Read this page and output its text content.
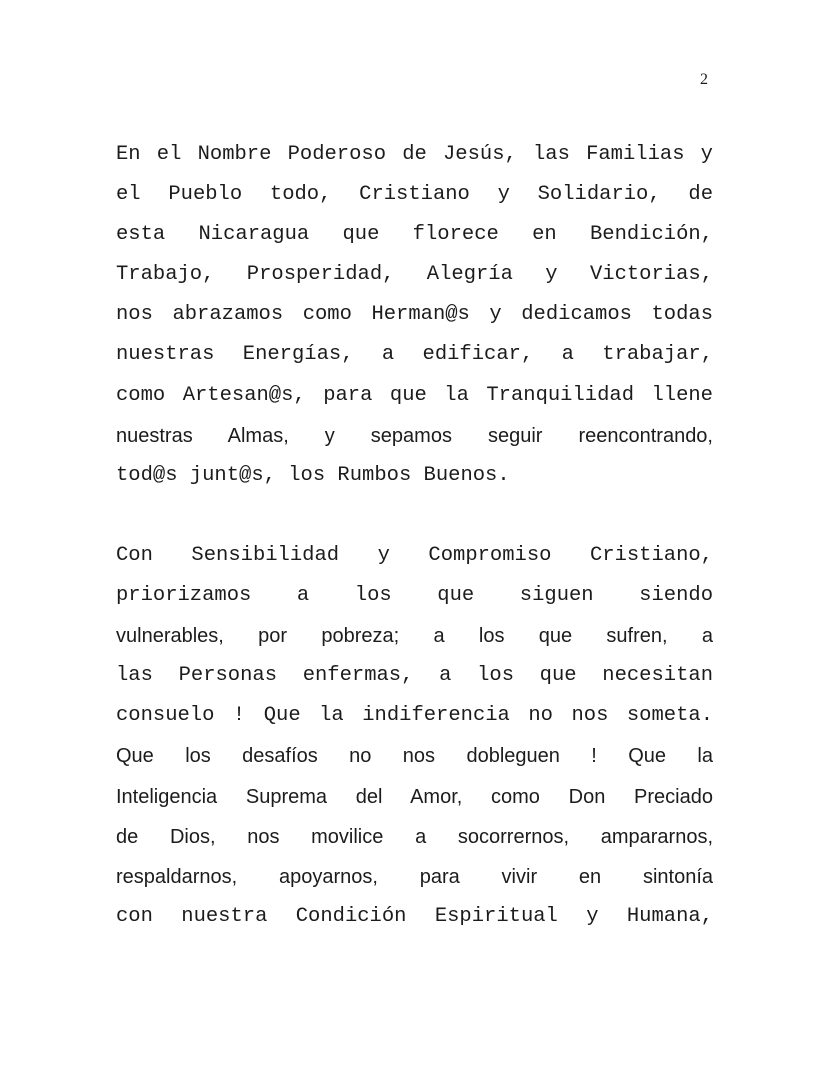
2
En el Nombre Poderoso de Jesús, las Familias y
el Pueblo todo, Cristiano y Solidario, de
esta Nicaragua que florece en Bendición,
Trabajo, Prosperidad, Alegría y Victorias,
nos abrazamos como Herman@s y dedicamos todas
nuestras Energías, a edificar, a trabajar,
como Artesan@s, para que la Tranquilidad llene
nuestras Almas, y sepamos seguir reencontrando,
tod@s junt@s, los Rumbos Buenos.
Con Sensibilidad y Compromiso Cristiano,
priorizamos a los que siguen siendo
vulnerables, por pobreza; a los que sufren, a
las Personas enfermas, a los que necesitan
consuelo ! Que la indiferencia no nos someta.
Que los desafíos no nos dobleguen ! Que la
Inteligencia Suprema del Amor, como Don Preciado
de Dios, nos movilice a socorrernos, ampararnos,
respaldarnos, apoyarnos, para vivir en sintonía
con nuestra Condición Espiritual y Humana,
